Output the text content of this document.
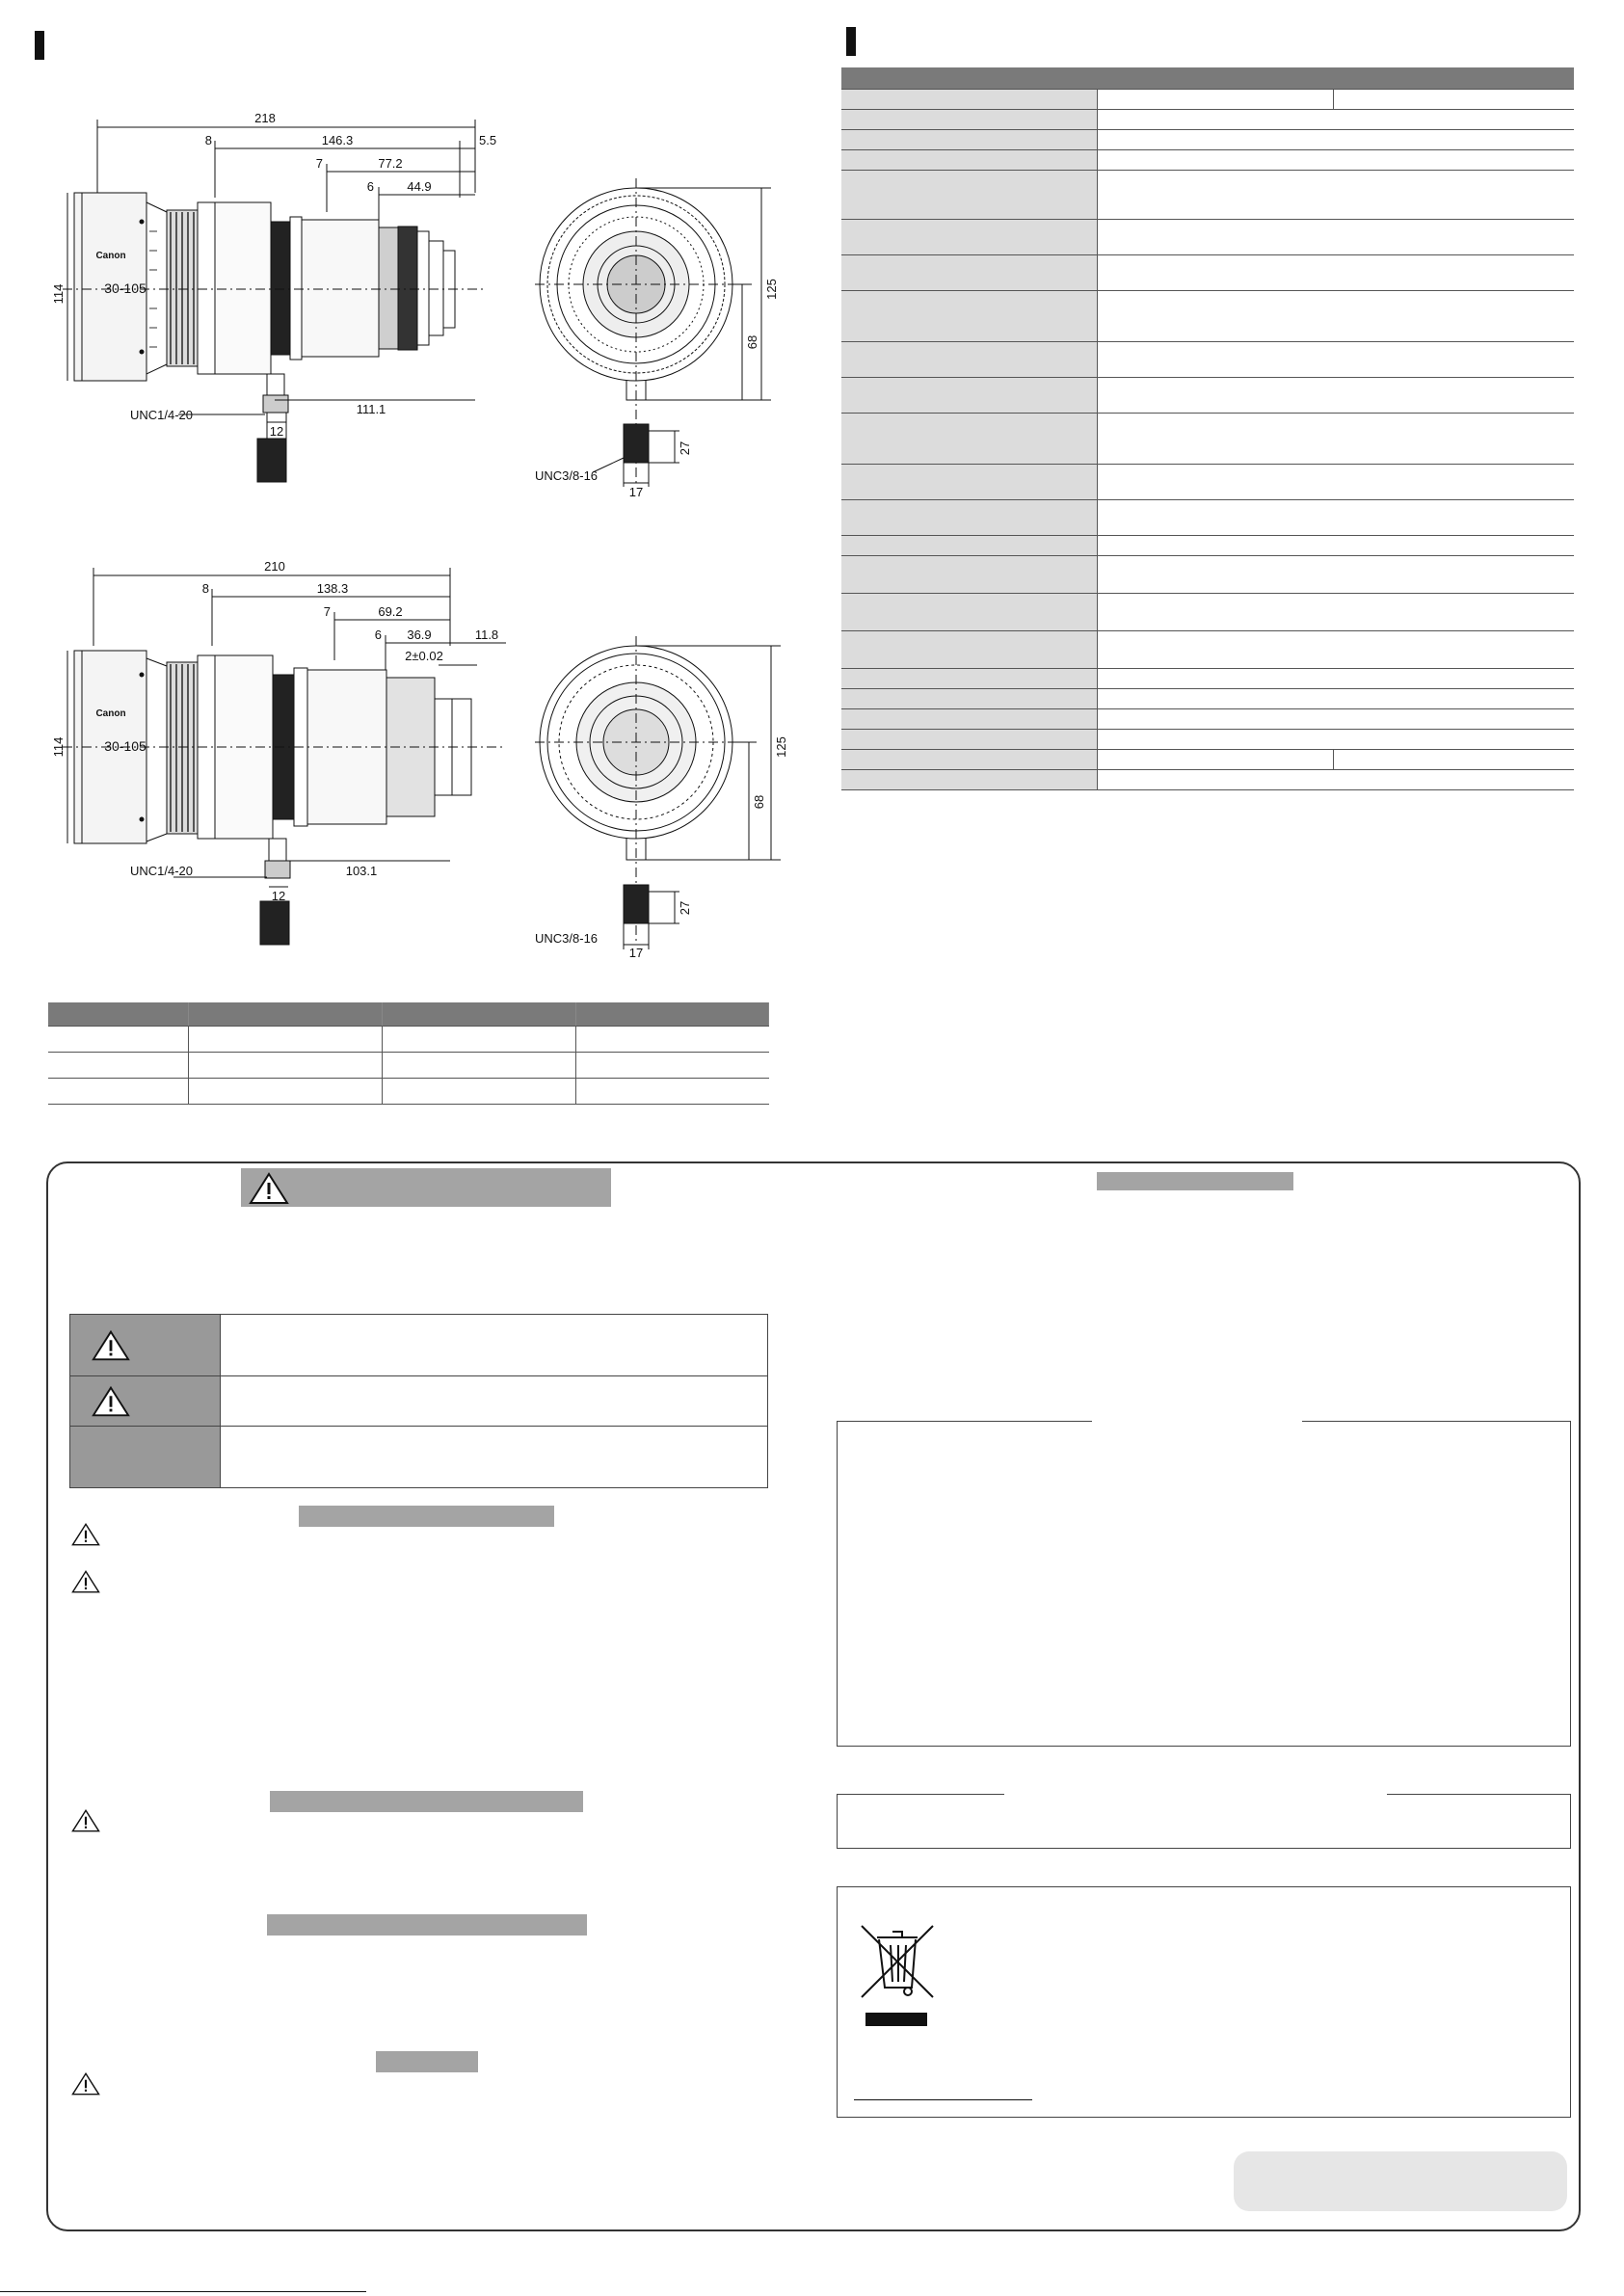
218
8	146.3	5.5
7	77.2
6	44.9
114
Canon
30-105
UNC1/4-20	111.1
12
125
68
27
17
UNC3/8-16
210
8	138.3
7	69.2
6 36.9	11.8
2±0.02
114
Canon
30-105
UNC1/4-20	103.1
12
125
68
27
17
UNC3/8-16
